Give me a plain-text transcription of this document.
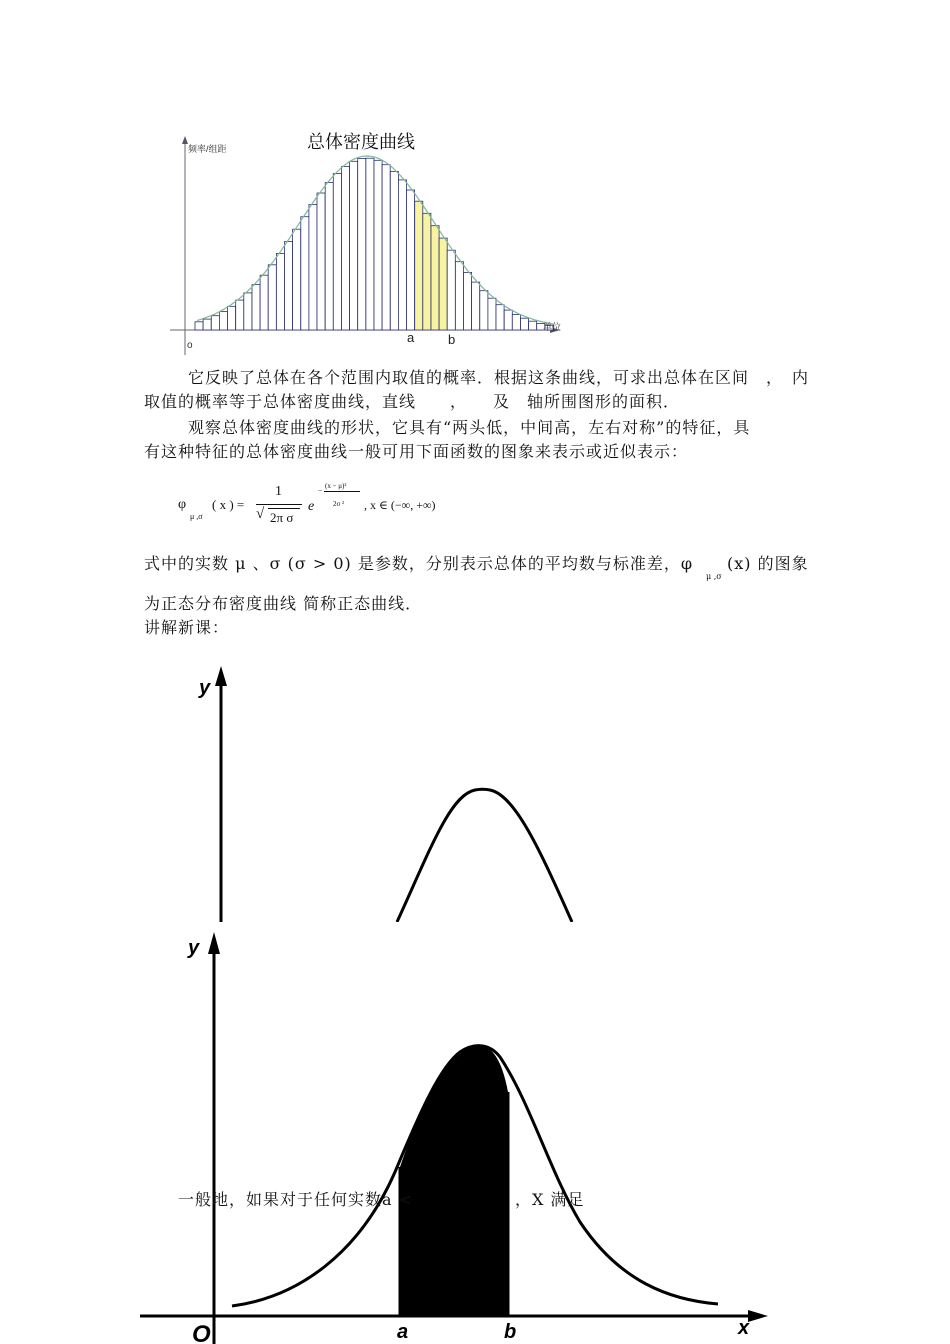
总体密度曲线
频率/组距
单位
o
a	b
它反映了总体在各个范围内取值的概率．根据这条曲线，可求出总体在区间　，　内
取值的概率等于总体密度曲线，直线　　，　　及　轴所围图形的面积．
观察总体密度曲线的形状，它具有“两头低，中间高，左右对称”的特征，具
有这种特征的总体密度曲线一般可用下面函数的图象来表示或近似表示：
φ
μ ,σ
( x ) =
1
√ 2π σ
e
− (x − μ)²
2σ ² , x ∈ (−∞, +∞)
式中的实数 μ 、σ (σ > 0) 是参数，分别表示总体的平均数与标准差，φ　　(x) 的图象
μ ,σ
为正态分布密度曲线 简称正态曲线．
讲解新课：
y
y
O	a	b	x
一般地，如果对于任何实数a <　　　　　　，X 满足
